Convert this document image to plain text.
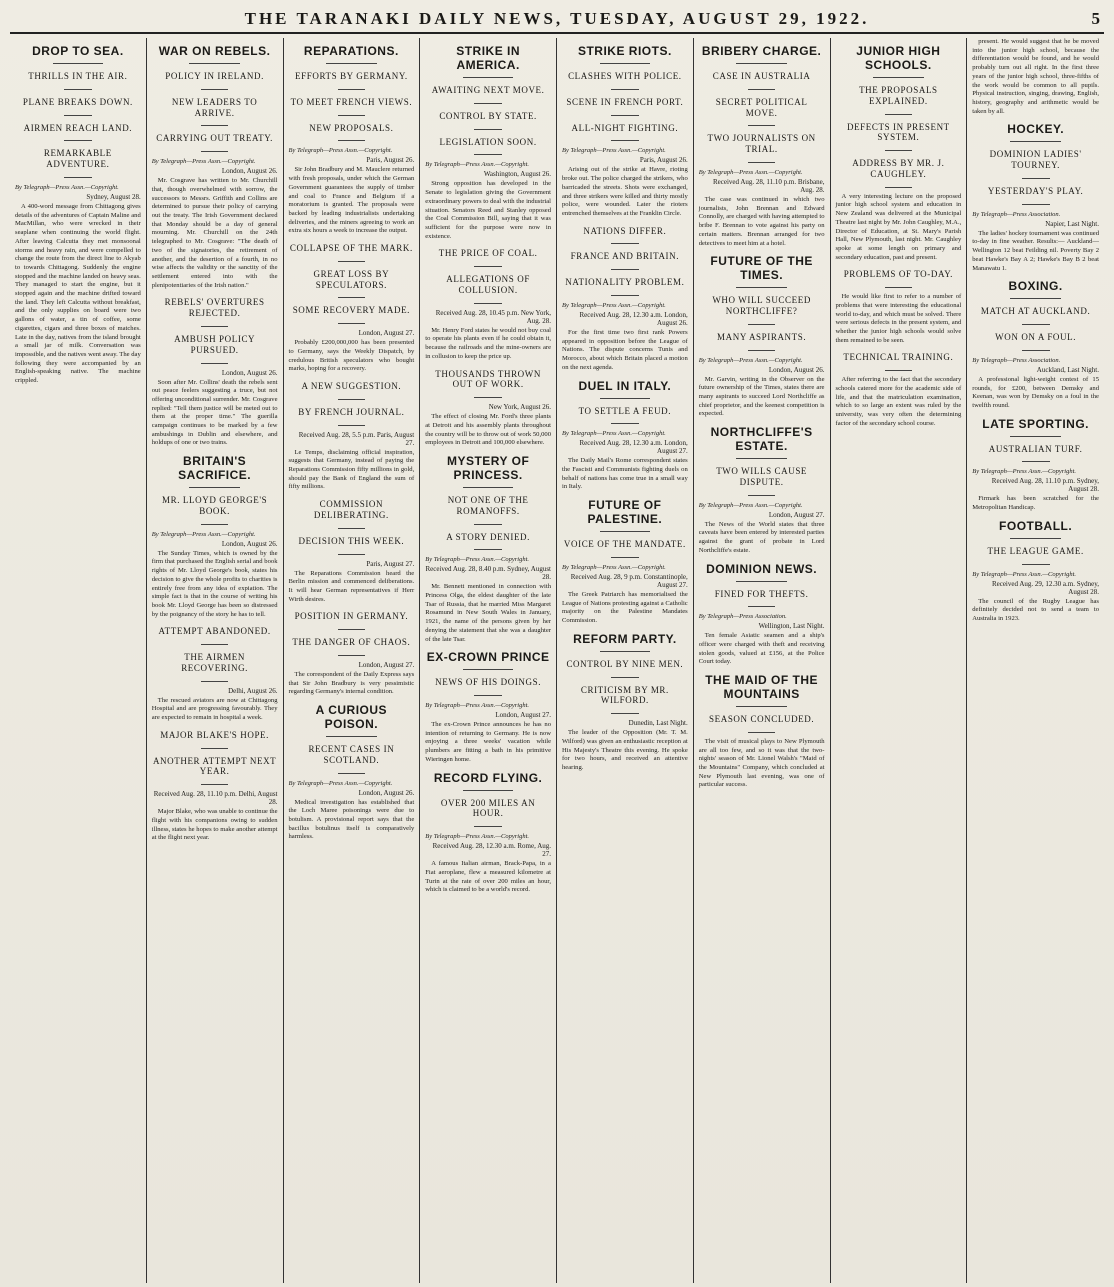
THE TARANAKI DAILY NEWS, TUESDAY, AUGUST 29, 1922.	5
DROP TO SEA.
THRILLS IN THE AIR.
PLANE BREAKS DOWN.
AIRMEN REACH LAND.
REMARKABLE ADVENTURE.
By Telegraph—Press Assn.—Copyright.
Sydney, August 28.
A 400-word message from Chittagong gives details of the adventures of Captain Maline and MacMillan, who were wrecked in their seaplane when continuing the world flight. After leaving Calcutta they met monsoonal storms and heavy rain, and were compelled to change the route from the direct line to Akyab to towards Chittagong. Suddenly the engine stopped and the machine landed on heavy seas. They managed to start the engine, but it stopped again and the machine drifted toward the land. They left Calcutta without breakfast, and the only supplies on board were two gallons of water, a tin of coffee, some cigarettes, cigars and three boxes of matches. Late in the day, natives from the island brought a small jar of milk. Conversation was impossible, and the natives went away. The day following they were accompanied by an English-speaking native. The machine crippled.
WAR ON REBELS.
POLICY IN IRELAND.
NEW LEADERS TO ARRIVE.
CARRYING OUT TREATY.
By Telegraph—Press Assn.—Copyright.
London, August 26.
Mr. Cosgrave has written to Mr. Churchill that, though overwhelmed with sorrow, the successors to Messrs. Griffith and Collins are determined to pursue their policy of carrying out the treaty. The Irish Government declared that Monday should be a day of general mourning. Mr. Churchill on the 24th telegraphed to Mr. Cosgrave: "The death of two of the signatories, the retirement of another, and the desertion of a fourth, in no wise affects the validity or the sanctity of the settlement entered into with the plenipotentiaries of the Irish nation."
REBELS' OVERTURES REJECTED.
AMBUSH POLICY PURSUED.
London, August 26.
Soon after Mr. Collins' death the rebels sent out peace feelers suggesting a truce, but not offering unconditional surrender. Mr. Cosgrave replied: "Tell them justice will be meted out to them at the proper time." The guerilla campaign continues to be marked by a few ambushings in Dublin and elsewhere, and holdups of one or two trains.
BRITAIN'S SACRIFICE.
MR. LLOYD GEORGE'S BOOK.
By Telegraph—Press Assn.—Copyright.
London, August 26.
The Sunday Times, which is owned by the firm that purchased the English serial and book rights of Mr. Lloyd George's book, states his decision to give the whole profits to charities is entirely free from any idea of expiation. The simple fact is that in the course of writing his book Mr. Lloyd George has been so distressed by the poignancy of the story he has to tell.
ATTEMPT ABANDONED.
THE AIRMEN RECOVERING.
Delhi, August 26.
The rescued aviators are now at Chittagong Hospital and are progressing favourably. They are expected to remain in hospital a week.
MAJOR BLAKE'S HOPE.
ANOTHER ATTEMPT NEXT YEAR.
Received Aug. 28, 11.10 p.m. Delhi, August 28.
Major Blake, who was unable to continue the flight with his companions owing to sudden illness, states he hopes to make another attempt at the flight next year.
REPARATIONS.
EFFORTS BY GERMANY.
TO MEET FRENCH VIEWS.
NEW PROPOSALS.
By Telegraph—Press Assn.—Copyright.
Paris, August 26.
Sir John Bradbury and M. Mauclere returned with fresh proposals, under which the German Government guarantees the supply of timber and coal to France and Belgium if a moratorium is granted. The proposals were backed by leading industrialists undertaking deliveries, and the miners agreeing to work an extra six hours a week to increase the output.
COLLAPSE OF THE MARK.
GREAT LOSS BY SPECULATORS.
SOME RECOVERY MADE.
London, August 27.
Probably £200,000,000 has been presented to Germany, says the Weekly Dispatch, by credulous British speculators who bought marks, hoping for a recovery.
A NEW SUGGESTION.
BY FRENCH JOURNAL.
Received Aug. 28, 5.5 p.m. Paris, August 27.
Le Temps, disclaiming official inspiration, suggests that Germany, instead of paying the Reparations Commission fifty millions in gold, should pay the Bank of England the sum of fifty millions.
COMMISSION DELIBERATING.
DECISION THIS WEEK.
Paris, August 27.
The Reparations Commission heard the Berlin mission and commenced deliberations. It will hear German representatives if Herr Wirth desires.
POSITION IN GERMANY.
THE DANGER OF CHAOS.
London, August 27.
The correspondent of the Daily Express says that Sir John Bradbury is very pessimistic regarding Germany's internal condition.
A CURIOUS POISON.
RECENT CASES IN SCOTLAND.
By Telegraph—Press Assn.—Copyright.
London, August 26.
Medical investigation has established that the Loch Maree poisonings were due to botulism. A provisional report says that the bacillus botulinus itself is comparatively harmless.
STRIKE IN AMERICA.
AWAITING NEXT MOVE.
CONTROL BY STATE.
LEGISLATION SOON.
By Telegraph—Press Assn.—Copyright.
Washington, August 26.
Strong opposition has developed in the Senate to legislation giving the Government extraordinary powers to deal with the industrial situation. Senators Reed and Stanley opposed the Coal Commission Bill, saying that it was sufficient for the purpose were now in existence.
THE PRICE OF COAL.
ALLEGATIONS OF COLLUSION.
Received Aug. 28, 10.45 p.m. New York, Aug. 28.
Mr. Henry Ford states he would not buy coal to operate his plants even if he could obtain it, because the railroads and the mine-owners are in collusion to keep the price up.
THOUSANDS THROWN OUT OF WORK.
New York, August 26.
The effect of closing Mr. Ford's three plants at Detroit and his assembly plants throughout the country will be to throw out of work 50,000 employees in Detroit and 100,000 elsewhere.
MYSTERY OF PRINCESS.
NOT ONE OF THE ROMANOFFS.
A STORY DENIED.
By Telegraph—Press Assn.—Copyright.
Received Aug. 28, 8.40 p.m. Sydney, August 28.
Mr. Bennett mentioned in connection with Princess Olga, the eldest daughter of the late Tsar of Russia, that he married Miss Margaret Rosamund in New South Wales in January, 1921, the name of the persons given by her denying the statement that she was a daughter of the late Tsar.
EX-CROWN PRINCE
NEWS OF HIS DOINGS.
By Telegraph—Press Assn.—Copyright.
London, August 27.
The ex-Crown Prince announces he has no intention of returning to Germany. He is now enjoying a three weeks' vacation while plumbers are fitting a bath in his primitive Wieringen home.
RECORD FLYING.
OVER 200 MILES AN HOUR.
By Telegraph—Press Assn.—Copyright.
Received Aug. 28, 12.30 a.m. Rome, Aug. 27.
A famous Italian airman, Brack-Papa, in a Fiat aeroplane, flew a measured kilometre at Turin at the rate of over 200 miles an hour, which is claimed to be a world's record.
STRIKE RIOTS.
CLASHES WITH POLICE.
SCENE IN FRENCH PORT.
ALL-NIGHT FIGHTING.
By Telegraph—Press Assn.—Copyright.
Paris, August 26.
Arising out of the strike at Havre, rioting broke out. The police charged the strikers, who barricaded the streets. Shots were exchanged, and three strikers were killed and thirty mostly police, were wounded. Later the rioters entrenched themselves at the Franklin Circle.
NATIONS DIFFER.
FRANCE AND BRITAIN.
NATIONALITY PROBLEM.
By Telegraph—Press Assn.—Copyright.
Received Aug. 28, 12.30 a.m. London, August 26.
For the first time two first rank Powers appeared in opposition before the League of Nations. The dispute concerns Tunis and Morocco, about which Britain placed a motion on the next agenda.
DUEL IN ITALY.
TO SETTLE A FEUD.
By Telegraph—Press Assn.—Copyright.
Received Aug. 28, 12.30 a.m. London, August 27.
The Daily Mail's Rome correspondent states the Fascisti and Communists fighting duels on behalf of nations has come true in a small way in Italy.
FUTURE OF PALESTINE.
VOICE OF THE MANDATE.
By Telegraph—Press Assn.—Copyright.
Received Aug. 28, 9 p.m. Constantinople, August 27.
The Greek Patriarch has memorialised the League of Nations protesting against a Catholic majority on the Palestine Mandates Commission.
REFORM PARTY.
CONTROL BY NINE MEN.
CRITICISM BY MR. WILFORD.
Dunedin, Last Night.
The leader of the Opposition (Mr. T. M. Wilford) was given an enthusiastic reception at His Majesty's Theatre this evening. He spoke for two hours, and received an attentive hearing.
BRIBERY CHARGE.
CASE IN AUSTRALIA
SECRET POLITICAL MOVE.
TWO JOURNALISTS ON TRIAL.
By Telegraph—Press Assn.—Copyright.
Received Aug. 28, 11.10 p.m. Brisbane, Aug. 28.
The case was continued in which two journalists, John Brennan and Edward Connolly, are charged with having attempted to bribe F. Brennan to vote against his party on certain matters. Brennan arranged for two detectives to meet him at a hotel.
FUTURE OF THE TIMES.
WHO WILL SUCCEED NORTHCLIFFE?
MANY ASPIRANTS.
By Telegraph—Press Assn.—Copyright.
London, August 26.
Mr. Garvin, writing in the Observer on the future ownership of the Times, states there are many aspirants to succeed Lord Northcliffe as chief proprietor, and the keenest competition is expected.
NORTHCLIFFE'S ESTATE.
TWO WILLS CAUSE DISPUTE.
By Telegraph—Press Assn.—Copyright.
London, August 27.
The News of the World states that three caveats have been entered by interested parties against the grant of probate in Lord Northcliffe's estate.
DOMINION NEWS.
FINED FOR THEFTS.
By Telegraph—Press Association.
Wellington, Last Night.
Ten female Asiatic seamen and a ship's officer were charged with theft and receiving stolen goods, valued at £156, at the Police Court today.
THE MAID OF THE MOUNTAINS
SEASON CONCLUDED.
The visit of musical plays to New Plymouth are all too few, and so it was that the two-nights' season of Mr. Lionel Walsh's "Maid of the Mountains" Company, which concluded at New Plymouth last evening, was one of particular success.
JUNIOR HIGH SCHOOLS.
THE PROPOSALS EXPLAINED.
DEFECTS IN PRESENT SYSTEM.
ADDRESS BY MR. J. CAUGHLEY.
A very interesting lecture on the proposed junior high school system and education in New Zealand was delivered at the Municipal Theatre last night by Mr. John Caughley, M.A., Director of Education, at St. Mary's Parish Hall, New Plymouth, last night. Mr. Caughley spoke at some length on primary and secondary education, past and present.
PROBLEMS OF TO-DAY.
He would like first to refer to a number of problems that were interesting the educational world to-day, and which must be solved. There were serious defects in the present system, and whether the junior high schools would solve them remained to be seen.
TECHNICAL TRAINING.
After referring to the fact that the secondary schools catered more for the academic side of life, and that the matriculation examination, which to so large an extent was ruled by the university, was very often the determining factor of the secondary school course.
present. He would suggest that he be moved into the junior high school, because the differentiation would be found, and he would probably turn out all right. In the first three years of the junior high school, three-fifths of the work would be common to all pupils. Physical instruction, singing, drawing, English, history, geography and arithmetic would be taken by all.
HOCKEY.
DOMINION LADIES' TOURNEY.
YESTERDAY'S PLAY.
By Telegraph—Press Association.
Napier, Last Night.
The ladies' hockey tournament was continued to-day in fine weather. Results:— Auckland—Wellington 12 beat Feilding nil. Poverty Bay 2 beat Hawke's Bay A 2; Hawke's Bay B 2 beat Manawatu 1.
BOXING.
MATCH AT AUCKLAND.
WON ON A FOUL.
By Telegraph—Press Association.
Auckland, Last Night.
A professional light-weight contest of 15 rounds, for £200, between Demsky and Keenan, was won by Demsky on a foul in the twelfth round.
LATE SPORTING.
AUSTRALIAN TURF.
By Telegraph—Press Assn.—Copyright.
Received Aug. 28, 11.10 p.m. Sydney, August 28.
Firmark has been scratched for the Metropolitan Handicap.
FOOTBALL.
THE LEAGUE GAME.
By Telegraph—Press Assn.—Copyright.
Received Aug. 29, 12.30 a.m. Sydney, August 28.
The council of the Rugby League has definitely decided not to send a team to Australia in 1923.
